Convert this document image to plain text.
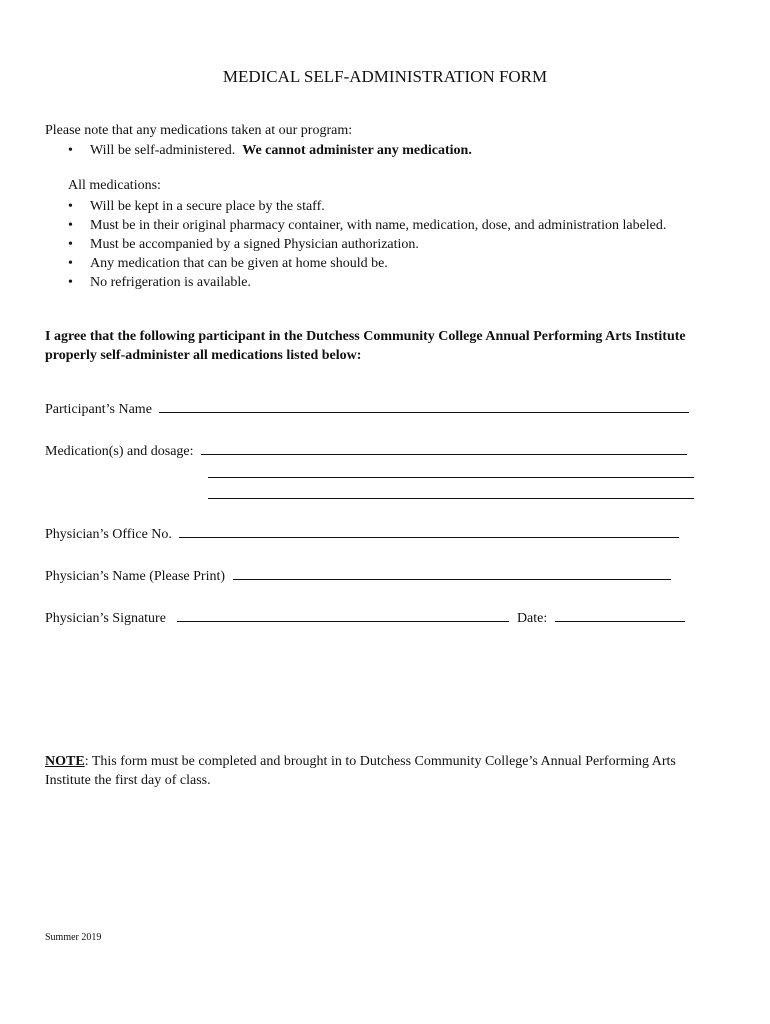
MEDICAL SELF-ADMINISTRATION FORM
Please note that any medications taken at our program:
• Will be self-administered. We cannot administer any medication.
All medications:
• Will be kept in a secure place by the staff.
• Must be in their original pharmacy container, with name, medication, dose, and administration labeled.
• Must be accompanied by a signed Physician authorization.
• Any medication that can be given at home should be.
• No refrigeration is available.
I agree that the following participant in the Dutchess Community College Annual Performing Arts Institute properly self-administer all medications listed below:
Participant’s Name
Medication(s) and dosage:
Physician’s Office No.
Physician’s Name (Please Print)
Physician’s Signature	Date:
NOTE: This form must be completed and brought in to Dutchess Community College’s Annual Performing Arts Institute the first day of class.
Summer 2019
